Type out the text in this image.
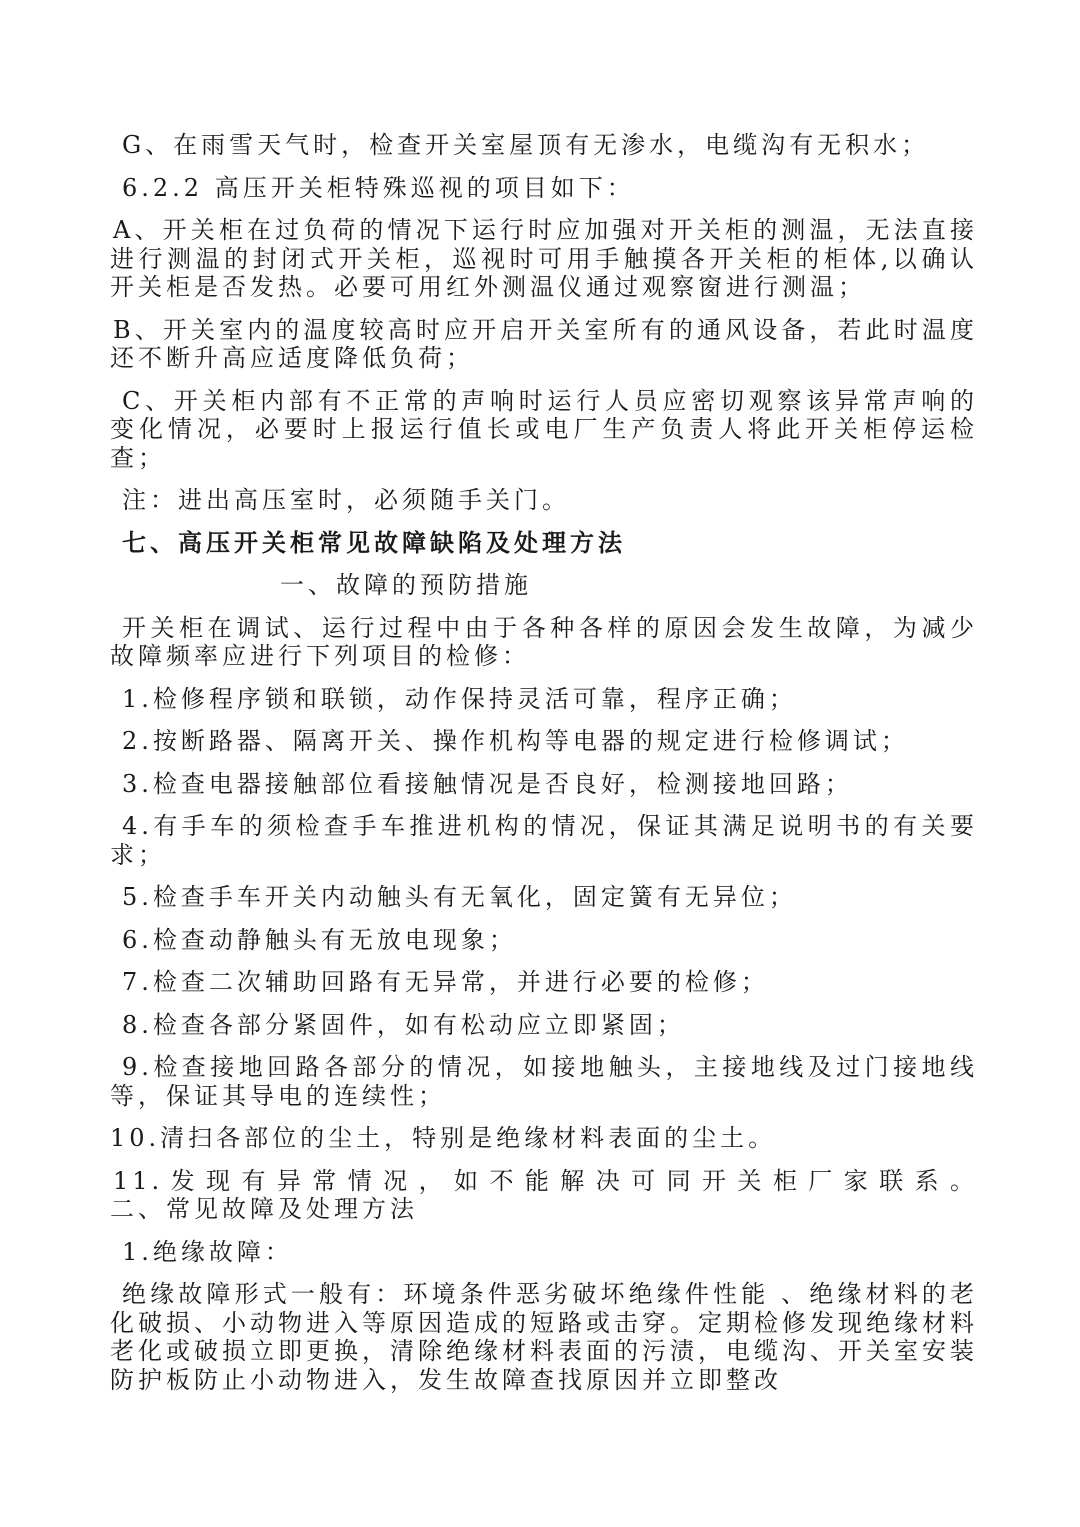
G、在雨雪天气时，检查开关室屋顶有无渗水，电缆沟有无积水；

6.2.2 高压开关柜特殊巡视的项目如下：

A、开关柜在过负荷的情况下运行时应加强对开关柜的测温，无法直接进行测温的封闭式开关柜，巡视时可用手触摸各开关柜的柜体,以确认开关柜是否发热。必要可用红外测温仪通过观察窗进行测温；

B、开关室内的温度较高时应开启开关室所有的通风设备，若此时温度还不断升高应适度降低负荷；

C、开关柜内部有不正常的声响时运行人员应密切观察该异常声响的变化情况，必要时上报运行值长或电厂生产负责人将此开关柜停运检查；

注：进出高压室时，必须随手关门。

七、高压开关柜常见故障缺陷及处理方法

一、故障的预防措施

开关柜在调试、运行过程中由于各种各样的原因会发生故障，为减少故障频率应进行下列项目的检修：

1.检修程序锁和联锁，动作保持灵活可靠，程序正确；

2.按断路器、隔离开关、操作机构等电器的规定进行检修调试；

3.检查电器接触部位看接触情况是否良好，检测接地回路；

4.有手车的须检查手车推进机构的情况，保证其满足说明书的有关要求；

5.检查手车开关内动触头有无氧化，固定簧有无异位；

6.检查动静触头有无放电现象；

7.检查二次辅助回路有无异常，并进行必要的检修；

8.检查各部分紧固件，如有松动应立即紧固；

9.检查接地回路各部分的情况，如接地触头，主接地线及过门接地线等，保证其导电的连续性；

10.清扫各部位的尘土，特别是绝缘材料表面的尘土。

11.发现有异常情况，如不能解决可同开关柜厂家联系。
二、常见故障及处理方法

1.绝缘故障：

绝缘故障形式一般有：环境条件恶劣破坏绝缘件性能 、绝缘材料的老化破损、小动物进入等原因造成的短路或击穿。定期检修发现绝缘材料老化或破损立即更换，清除绝缘材料表面的污渍，电缆沟、开关室安装防护板防止小动物进入，发生故障查找原因并立即整改
